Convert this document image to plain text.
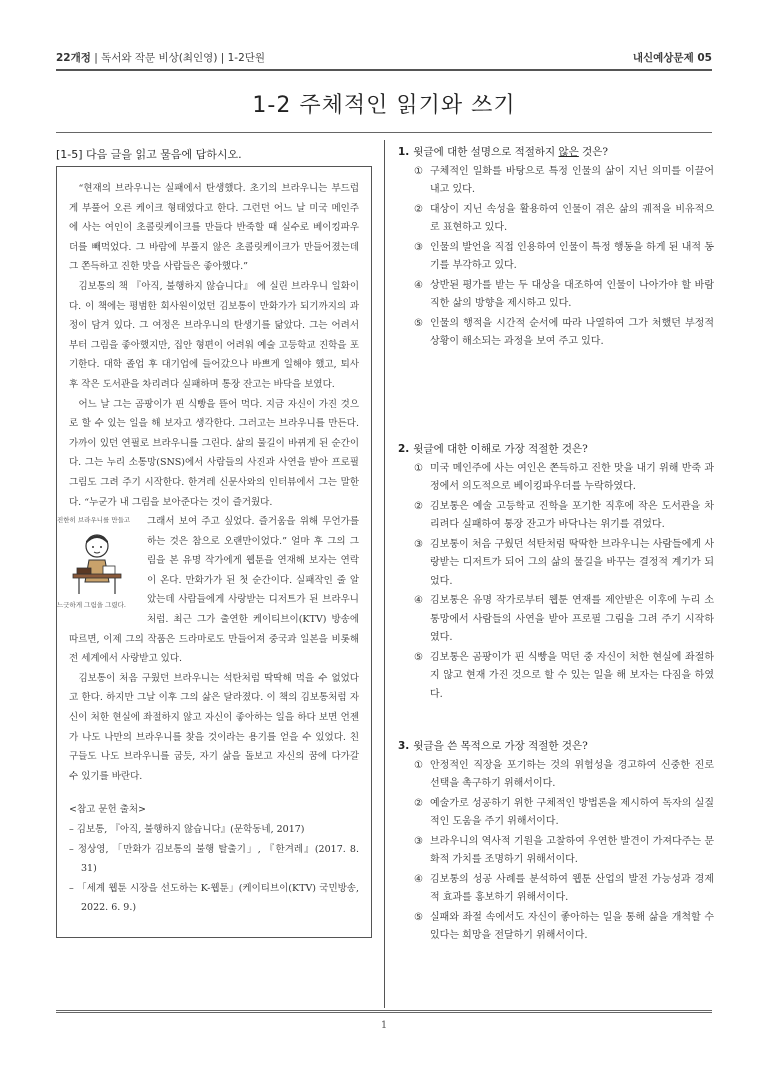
22개정 | 독서와 작문 비상(최인영) | 1-2단원	내신예상문제 05
1-2 주체적인 읽기와 쓰기
[1-5] 다음 글을 읽고 물음에 답하시오.

“현재의 브라우니는 실패에서 탄생했다. 초기의 브라우니는 부드럽게 부풀어 오른 케이크 형태였다고 한다. 그런던 어느 날 미국 메인주에 사는 여인이 초콜릿케이크를 만들다 반죽할 때 실수로 베이킹파우더를 빼먹었다. 그 바람에 부풀지 않은 초콜릿케이크가 만들어졌는데 그 쫀득하고 진한 맛을 사람들은 좋아했다.”

김보통의 책 『아직, 불행하지 않습니다』 에 실린 브라우니 일화이다. 이 책에는 평범한 회사원이었던 김보통이 만화가가 되기까지의 과정이 담겨 있다. 그 여정은 브라우니의 탄생기를 닮았다. 그는 어려서부터 그림을 좋아했지만, 집안 형편이 어려워 예술 고등학교 진학을 포기한다. 대학 졸업 후 대기업에 들어갔으나 바쁘게 일해야 했고, 퇴사 후 작은 도서관을 차리려다 실패하며 통장 잔고는 바닥을 보였다.

어느 날 그는 곰팡이가 핀 식빵을 뜯어 먹다. 지금 자신이 가진 것으로 할 수 있는 일을 해 보자고 생각한다. 그러고는 브라우니를 만든다. 가까이 있던 연필로 브라우니를 그린다. 삶의 물길이 바뀌게 된 순간이다. 그는 누리 소통망(SNS)에서 사람들의 사진과 사연을 받아 프로필 그림도 그려 주기 시작한다. 한겨레 신문사와의 인터뷰에서 그는 말한다. “누군가 내 그림을 보아준다는 것이 즐거웠다.

진한히 브라우니를 만들고
느긋하게 그림을 그렸다.

그래서 보여 주고 싶었다. 즐거움을 위해 무언가를 하는 것은 참으로 오랜만이었다.” 얼마 후 그의 그림을 본 유명 작가에게 웹툰을 연재해 보자는 연락이 온다. 만화가가 된 첫 순간이다. 실패작인 줄 알았는데 사람들에게 사랑받는 디저트가 된 브라우니처럼. 최근 그가 출연한 케이티브이(KTV) 방송에 따르면, 이제 그의 작품은 드라마로도 만들어져 중국과 일본을 비롯해 전 세계에서 사랑받고 있다.

김보통이 처음 구웠던 브라우니는 석탄처럼 딱딱해 먹을 수 없었다고 한다. 하지만 그날 이후 그의 삶은 달라졌다. 이 책의 김보통처럼 자신이 처한 현실에 좌절하지 않고 자신이 좋아하는 일을 하다 보면 언젠가 나도 나만의 브라우니를 찾을 것이라는 용기를 얻을 수 있었다. 친구들도 나도 브라우니를 굽듯, 자기 삶을 돌보고 자신의 꿈에 다가갈 수 있기를 바란다.

<참고 문헌 출처>
– 김보통, 『아직, 불행하지 않습니다』(문학동네, 2017)
– 정상영, 「만화가 김보통의 불행 탈출기」, 『한겨레』(2017. 8. 31)
– 「세계 웹툰 시장을 선도하는 K-웹툰」(케이티브이(KTV) 국민방송, 2022. 6. 9.)
1. 윗글에 대한 설명으로 적절하지 않은 것은?
① 구체적인 일화를 바탕으로 특정 인물의 삶이 지닌 의미를 이끌어 내고 있다.
② 대상이 지닌 속성을 활용하여 인물이 겪은 삶의 궤적을 비유적으로 표현하고 있다.
③ 인물의 발언을 직접 인용하여 인물이 특정 행동을 하게 된 내적 동기를 부각하고 있다.
④ 상반된 평가를 받는 두 대상을 대조하여 인물이 나아가야 할 바람직한 삶의 방향을 제시하고 있다.
⑤ 인물의 행적을 시간적 순서에 따라 나열하여 그가 처했던 부정적 상황이 해소되는 과정을 보여 주고 있다.
2. 윗글에 대한 이해로 가장 적절한 것은?
① 미국 메인주에 사는 여인은 쫀득하고 진한 맛을 내기 위해 반죽 과정에서 의도적으로 베이킹파우더를 누락하였다.
② 김보통은 예술 고등학교 진학을 포기한 직후에 작은 도서관을 차리려다 실패하여 통장 잔고가 바닥나는 위기를 겪었다.
③ 김보통이 처음 구웠던 석탄처럼 딱딱한 브라우니는 사람들에게 사랑받는 디저트가 되어 그의 삶의 물길을 바꾸는 결정적 계기가 되었다.
④ 김보통은 유명 작가로부터 웹툰 연재를 제안받은 이후에 누리 소통망에서 사람들의 사연을 받아 프로필 그림을 그려 주기 시작하였다.
⑤ 김보통은 곰팡이가 핀 식빵을 먹던 중 자신이 처한 현실에 좌절하지 않고 현재 가진 것으로 할 수 있는 일을 해 보자는 다짐을 하였다.
3. 윗글을 쓴 목적으로 가장 적절한 것은?
① 안정적인 직장을 포기하는 것의 위험성을 경고하여 신중한 진로 선택을 촉구하기 위해서이다.
② 예술가로 성공하기 위한 구체적인 방법론을 제시하여 독자의 실질적인 도움을 주기 위해서이다.
③ 브라우니의 역사적 기원을 고찰하여 우연한 발견이 가져다주는 문화적 가치를 조명하기 위해서이다.
④ 김보통의 성공 사례를 분석하여 웹툰 산업의 발전 가능성과 경제적 효과를 홍보하기 위해서이다.
⑤ 실패와 좌절 속에서도 자신이 좋아하는 일을 통해 삶을 개척할 수 있다는 희망을 전달하기 위해서이다.
1
